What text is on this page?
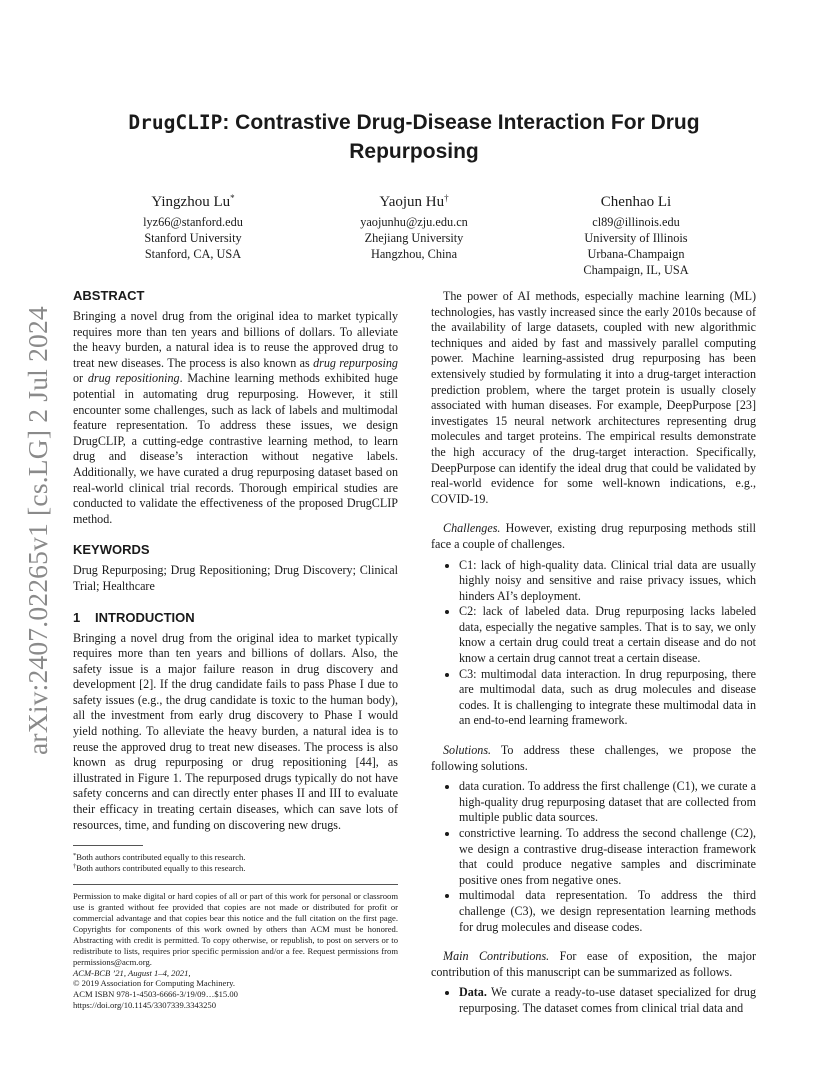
arXiv:2407.02265v1 [cs.LG] 2 Jul 2024
DrugCLIP: Contrastive Drug-Disease Interaction For Drug
Repurposing
Yingzhou Lu*
lyz66@stanford.edu
Stanford University
Stanford, CA, USA
Yaojun Hu†
yaojunhu@zju.edu.cn
Zhejiang University
Hangzhou, China
Chenhao Li
cl89@illinois.edu
University of Illinois
Urbana-Champaign
Champaign, IL, USA
ABSTRACT

Bringing a novel drug from the original idea to market typically requires more than ten years and billions of dollars. To alleviate the heavy burden, a natural idea is to reuse the approved drug to treat new diseases. The process is also known as drug repurposing or drug repositioning. Machine learning methods exhibited huge potential in automating drug repurposing. However, it still encounter some challenges, such as lack of labels and multimodal feature representation. To address these issues, we design DrugCLIP, a cutting-edge contrastive learning method, to learn drug and disease’s interaction without negative labels. Additionally, we have curated a drug repurposing dataset based on real-world clinical trial records. Thorough empirical studies are conducted to validate the effectiveness of the proposed DrugCLIP method.

KEYWORDS

Drug Repurposing; Drug Repositioning; Drug Discovery; Clinical Trial; Healthcare

1 INTRODUCTION

Bringing a novel drug from the original idea to market typically requires more than ten years and billions of dollars. Also, the safety issue is a major failure reason in drug discovery and development [2]. If the drug candidate fails to pass Phase I due to safety issues (e.g., the drug candidate is toxic to the human body), all the investment from early drug discovery to Phase I would yield nothing. To alleviate the heavy burden, a natural idea is to reuse the approved drug to treat new diseases. The process is also known as drug repurposing or drug repositioning [44], as illustrated in Figure 1. The repurposed drugs typically do not have safety concerns and can directly enter phases II and III to evaluate their efficacy in treating certain diseases, which can save lots of resources, time, and funding on discovering new drugs.

*Both authors contributed equally to this research.
†Both authors contributed equally to this research.
Permission to make digital or hard copies of all or part of this work for personal or classroom use is granted without fee provided that copies are not made or distributed for profit or commercial advantage and that copies bear this notice and the full citation on the first page. Copyrights for components of this work owned by others than ACM must be honored. Abstracting with credit is permitted. To copy otherwise, or republish, to post on servers or to redistribute to lists, requires prior specific permission and/or a fee. Request permissions from permissions@acm.org.
ACM-BCB ’21, August 1–4, 2021,
© 2019 Association for Computing Machinery.
ACM ISBN 978-1-4503-6666-3/19/09…$15.00
https://doi.org/10.1145/3307339.3343250

The power of AI methods, especially machine learning (ML) technologies, has vastly increased since the early 2010s because of the availability of large datasets, coupled with new algorithmic techniques and aided by fast and massively parallel computing power. Machine learning-assisted drug repurposing has been extensively studied by formulating it into a drug-target interaction prediction problem, where the target protein is usually closely associated with human diseases. For example, DeepPurpose [23] investigates 15 neural network architectures representing drug molecules and target proteins. The empirical results demonstrate the high accuracy of the drug-target interaction. Specifically, DeepPurpose can identify the ideal drug that could be validated by real-world evidence for some well-known indications, e.g., COVID-19.

Challenges. However, existing drug repurposing methods still face a couple of challenges.

• C1: lack of high-quality data. Clinical trial data are usually highly noisy and sensitive and raise privacy issues, which hinders AI’s deployment.
• C2: lack of labeled data. Drug repurposing lacks labeled data, especially the negative samples. That is to say, we only know a certain drug could treat a certain disease and do not know a certain drug cannot treat a certain disease.
• C3: multimodal data interaction. In drug repurposing, there are multimodal data, such as drug molecules and disease codes. It is challenging to integrate these multimodal data in an end-to-end learning framework.

Solutions. To address these challenges, we propose the following solutions.

• data curation. To address the first challenge (C1), we curate a high-quality drug repurposing dataset that are collected from multiple public data sources.
• constrictive learning. To address the second challenge (C2), we design a contrastive drug-disease interaction framework that could produce negative samples and discriminate positive ones from negative ones.
• multimodal data representation. To address the third challenge (C3), we design representation learning methods for drug molecules and disease codes.

Main Contributions. For ease of exposition, the major contribution of this manuscript can be summarized as follows.

• Data. We curate a ready-to-use dataset specialized for drug repurposing. The dataset comes from clinical trial data and
